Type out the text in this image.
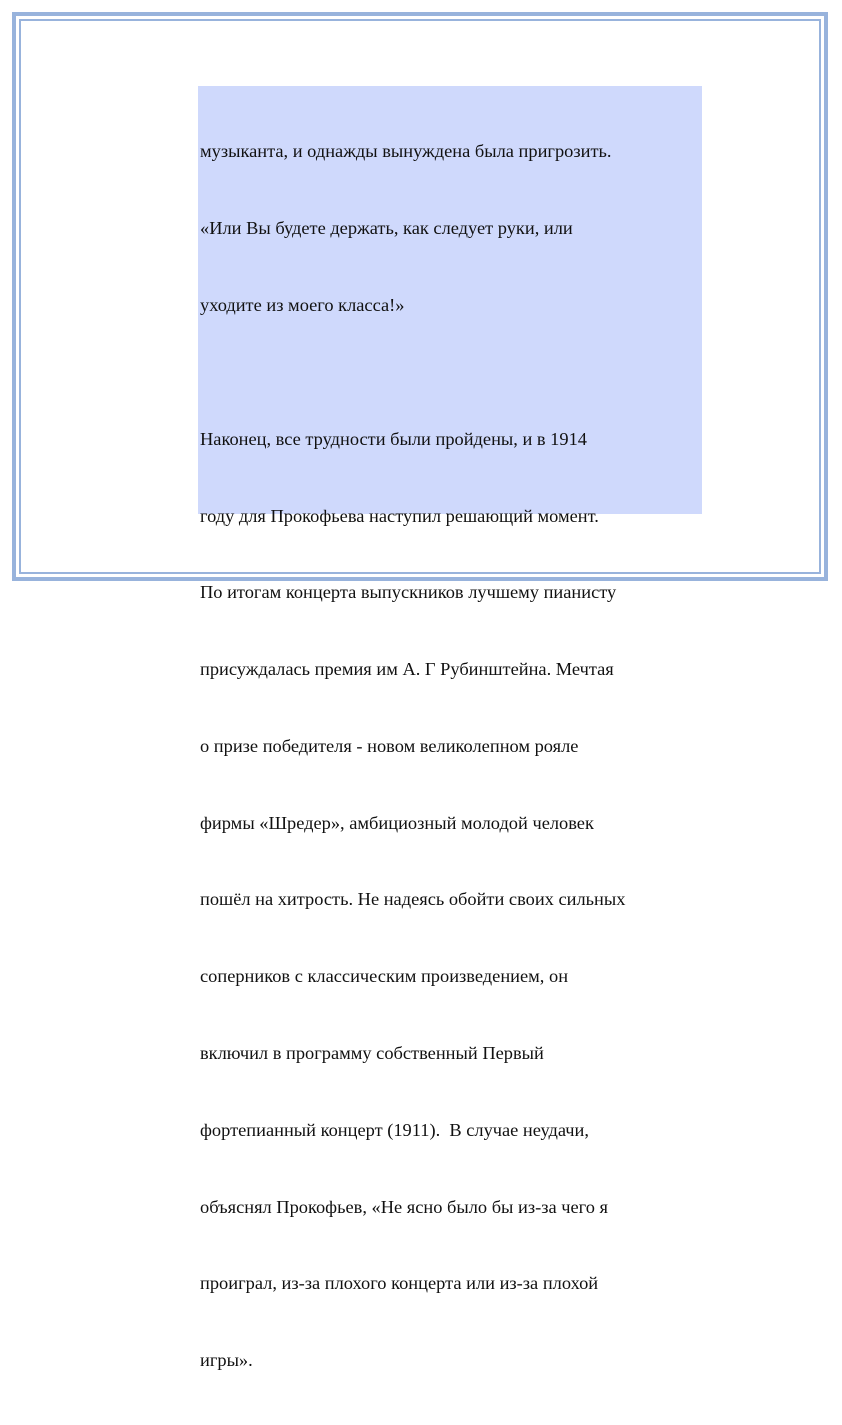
музыканта, и однажды вынуждена была пригрозить.

«Или Вы будете держать, как следует руки, или

уходите из моего класса!»

Наконец, все трудности были пройдены, и в 1914

году для Прокофьева наступил решающий момент.

По итогам концерта выпускников лучшему пианисту

присуждалась премия им А. Г Рубинштейна. Мечтая

о призе победителя - новом великолепном рояле

фирмы «Шредер», амбициозный молодой человек

пошёл на хитрость. Не надеясь обойти своих сильных

соперников с классическим произведением, он

включил в программу собственный Первый

фортепианный концерт (1911).  В случае неудачи,

объяснял Прокофьев, «Не ясно было бы из-за чего я

проиграл, из-за плохого концерта или из-за плохой

игры».
